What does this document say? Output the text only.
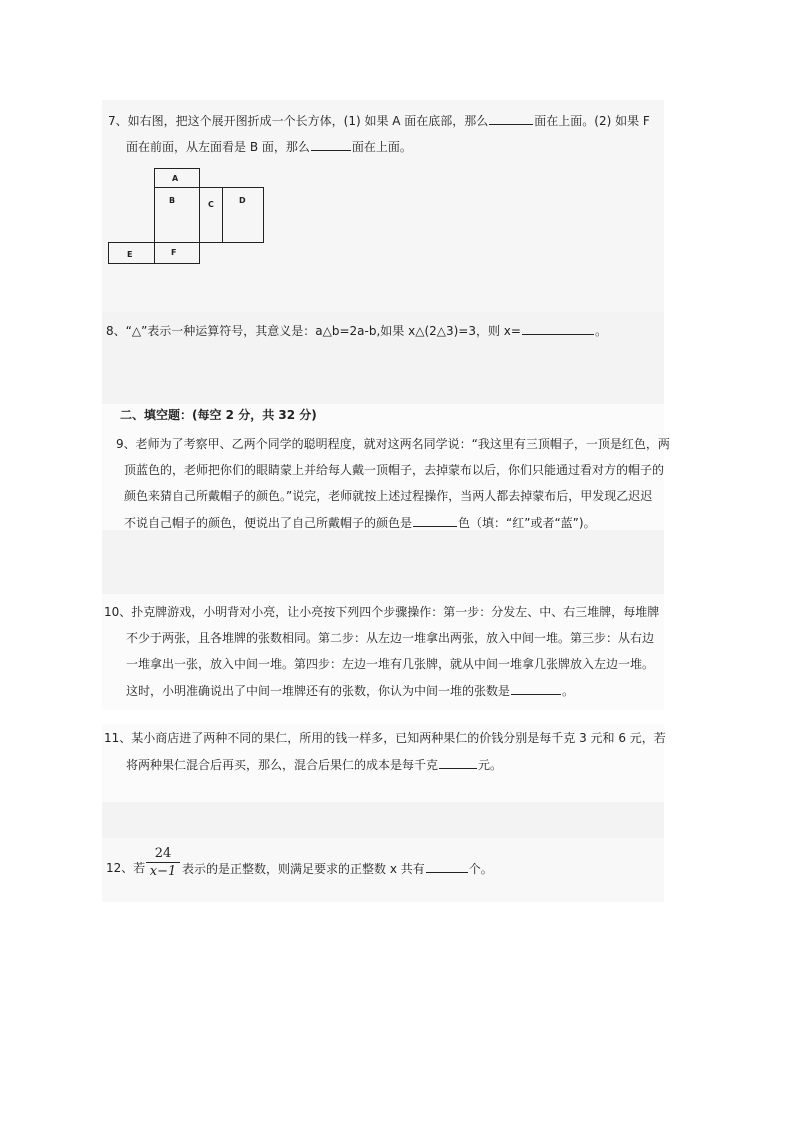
7、如右图，把这个展开图折成一个长方体，(1) 如果 A 面在底部，那么	面在上面。(2) 如果 F
面在前面，从左面看是 B 面，那么	面在上面。
A
B	C	D
E	F
8、“△”表示一种运算符号，其意义是：a△b=2a-b,如果 x△(2△3)=3，则 x=	。
二、填空题：(每空 2 分，共 32 分)
9、老师为了考察甲、乙两个同学的聪明程度，就对这两名同学说：“我这里有三顶帽子，一顶是红色，两
顶蓝色的，老师把你们的眼睛蒙上并给每人戴一顶帽子，去掉蒙布以后，你们只能通过看对方的帽子的
颜色来猜自己所戴帽子的颜色。”说完，老师就按上述过程操作，当两人都去掉蒙布后，甲发现乙迟迟
不说自己帽子的颜色，便说出了自己所戴帽子的颜色是	色（填：“红”或者“蓝”)。
10、扑克牌游戏，小明背对小亮，让小亮按下列四个步骤操作：第一步：分发左、中、右三堆牌，每堆牌
不少于两张，且各堆牌的张数相同。第二步：从左边一堆拿出两张，放入中间一堆。第三步：从右边
一堆拿出一张，放入中间一堆。第四步：左边一堆有几张牌，就从中间一堆拿几张牌放入左边一堆。
这时，小明准确说出了中间一堆牌还有的张数，你认为中间一堆的张数是	。
11、某小商店进了两种不同的果仁，所用的钱一样多，已知两种果仁的价钱分别是每千克 3 元和 6 元，若
将两种果仁混合后再买，那么，混合后果仁的成本是每千克	元。
12、若
24
x−1 表示的是正整数，则满足要求的正整数 x 共有	个。
